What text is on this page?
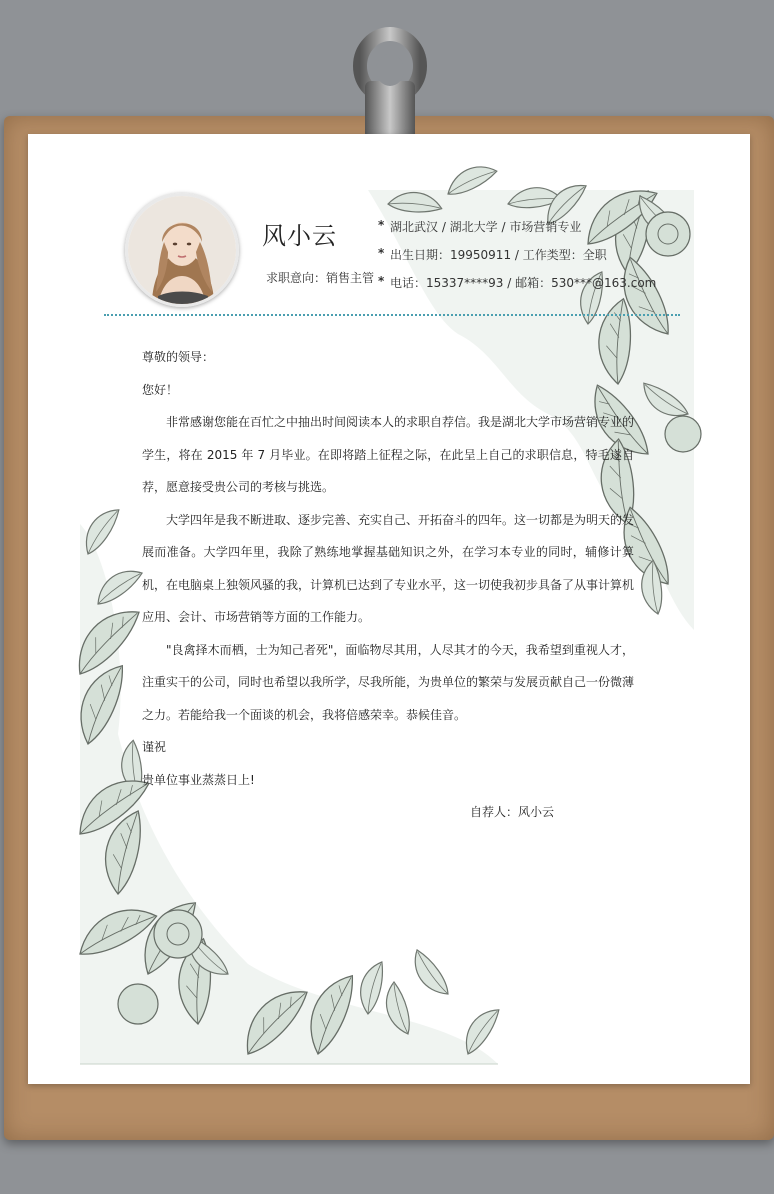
风小云
求职意向：销售主管
* 湖北武汉 / 湖北大学 / 市场营销专业
* 出生日期：19950911 / 工作类型：全职
* 电话：15337****93 / 邮箱：530***@163.com

尊敬的领导：

您好！

非常感谢您能在百忙之中抽出时间阅读本人的求职自荐信。我是湖北大学市场营销专业的学生，将在 2015 年 7 月毕业。在即将踏上征程之际，在此呈上自己的求职信息，特毛遂自荐，愿意接受贵公司的考核与挑选。

大学四年是我不断进取、逐步完善、充实自己、开拓奋斗的四年。这一切都是为明天的发展而准备。大学四年里，我除了熟练地掌握基础知识之外，在学习本专业的同时，辅修计算机，在电脑桌上独领风骚的我，计算机已达到了专业水平，这一切使我初步具备了从事计算机应用、会计、市场营销等方面的工作能力。

"良禽择木而栖，士为知己者死"，面临物尽其用，人尽其才的今天，我希望到重视人才，注重实干的公司，同时也希望以我所学，尽我所能，为贵单位的繁荣与发展贡献自己一份微薄之力。若能给我一个面谈的机会，我将倍感荣幸。恭候佳音。

谨祝

贵单位事业蒸蒸日上!

自荐人：风小云
